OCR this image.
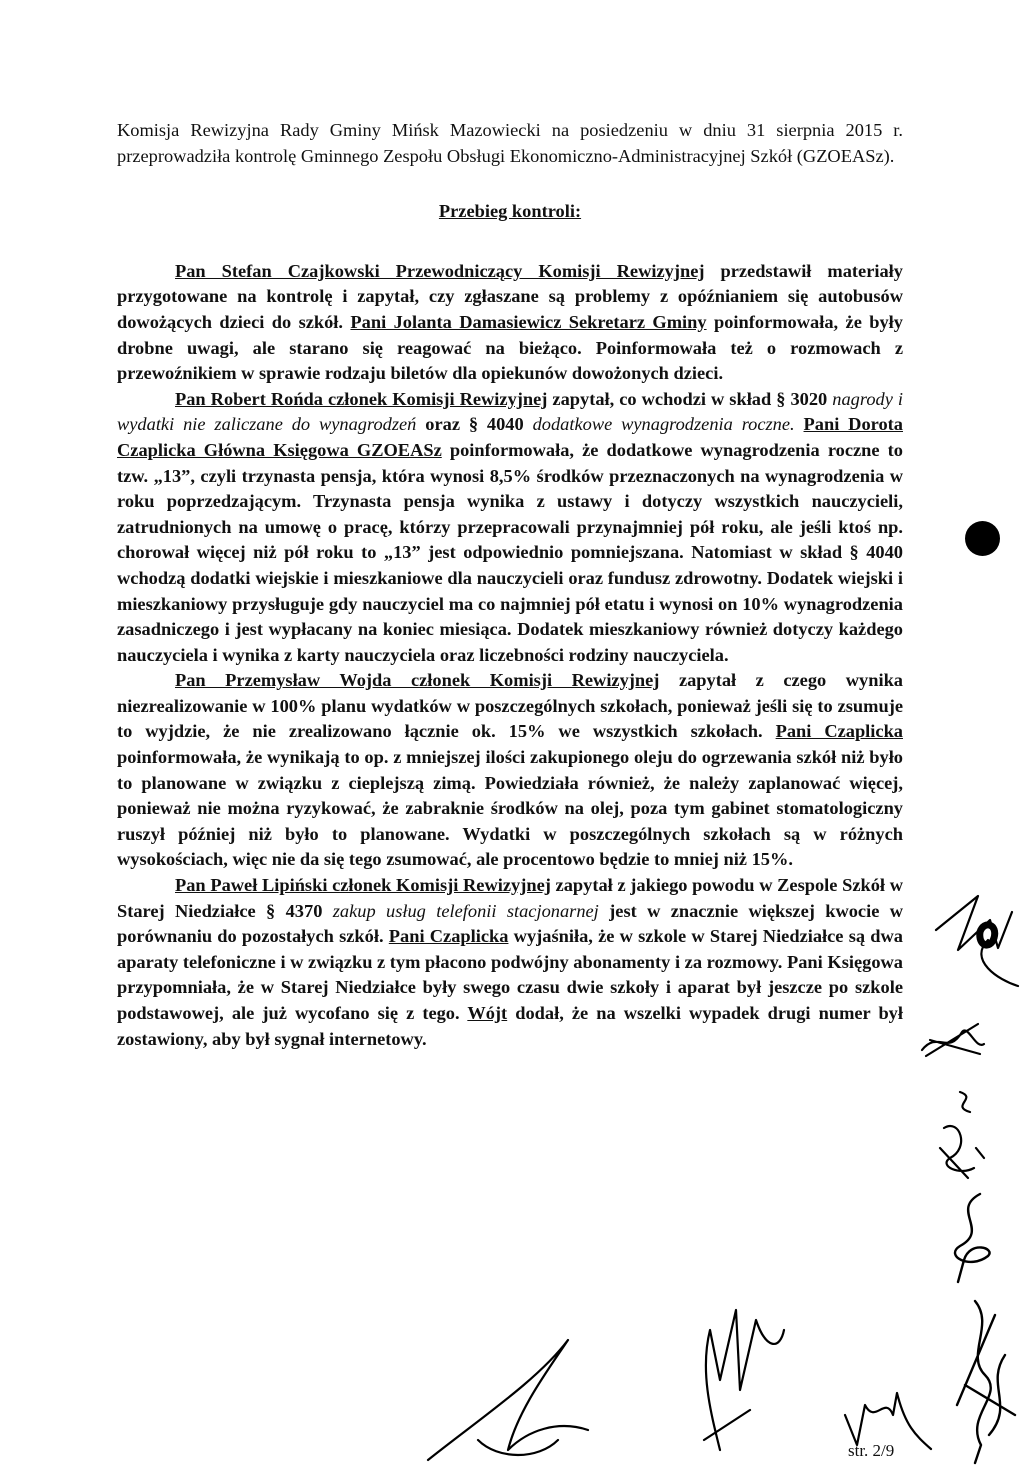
Komisja Rewizyjna Rady Gminy Mińsk Mazowiecki na posiedzeniu w dniu 31 sierpnia 2015 r. przeprowadziła kontrolę Gminnego Zespołu Obsługi Ekonomiczno-Administracyjnej Szkół (GZOEASz).

Przebieg kontroli:

Pan Stefan Czajkowski Przewodniczący Komisji Rewizyjnej przedstawił materiały przygotowane na kontrolę i zapytał, czy zgłaszane są problemy z opóźnianiem się autobusów dowożących dzieci do szkół. Pani Jolanta Damasiewicz Sekretarz Gminy poinformowała, że były drobne uwagi, ale starano się reagować na bieżąco. Poinformowała też o rozmowach z przewoźnikiem w sprawie rodzaju biletów dla opiekunów dowożonych dzieci.

Pan Robert Rońda członek Komisji Rewizyjnej zapytał, co wchodzi w skład § 3020 nagrody i wydatki nie zaliczane do wynagrodzeń oraz § 4040 dodatkowe wynagrodzenia roczne. Pani Dorota Czaplicka Główna Księgowa GZOEASz poinformowała, że dodatkowe wynagrodzenia roczne to tzw. „13”, czyli trzynasta pensja, która wynosi 8,5% środków przeznaczonych na wynagrodzenia w roku poprzedzającym. Trzynasta pensja wynika z ustawy i dotyczy wszystkich nauczycieli, zatrudnionych na umowę o pracę, którzy przepracowali przynajmniej pół roku, ale jeśli ktoś np. chorował więcej niż pół roku to „13” jest odpowiednio pomniejszana. Natomiast w skład § 4040 wchodzą dodatki wiejskie i mieszkaniowe dla nauczycieli oraz fundusz zdrowotny. Dodatek wiejski i mieszkaniowy przysługuje gdy nauczyciel ma co najmniej pół etatu i wynosi on 10% wynagrodzenia zasadniczego i jest wypłacany na koniec miesiąca. Dodatek mieszkaniowy również dotyczy każdego nauczyciela i wynika z karty nauczyciela oraz liczebności rodziny nauczyciela.

Pan Przemysław Wojda członek Komisji Rewizyjnej zapytał z czego wynika niezrealizowanie w 100% planu wydatków w poszczególnych szkołach, ponieważ jeśli się to zsumuje to wyjdzie, że nie zrealizowano łącznie ok. 15% we wszystkich szkołach. Pani Czaplicka poinformowała, że wynikają to op. z mniejszej ilości zakupionego oleju do ogrzewania szkół niż było to planowane w związku z cieplejszą zimą. Powiedziała również, że należy zaplanować więcej, ponieważ nie można ryzykować, że zabraknie środków na olej, poza tym gabinet stomatologiczny ruszył później niż było to planowane. Wydatki w poszczególnych szkołach są w różnych wysokościach, więc nie da się tego zsumować, ale procentowo będzie to mniej niż 15%.

Pan Paweł Lipiński członek Komisji Rewizyjnej zapytał z jakiego powodu w Zespole Szkół w Starej Niedziałce § 4370 zakup usług telefonii stacjonarnej jest w znacznie większej kwocie w porównaniu do pozostałych szkół. Pani Czaplicka wyjaśniła, że w szkole w Starej Niedziałce są dwa aparaty telefoniczne i w związku z tym płacono podwójny abonamenty i za rozmowy. Pani Księgowa przypomniała, że w Starej Niedziałce były swego czasu dwie szkoły i aparat był jeszcze po szkole podstawowej, ale już wycofano się z tego. Wójt dodał, że na wszelki wypadek drugi numer był zostawiony, aby był sygnał internetowy.

str. 2/9
